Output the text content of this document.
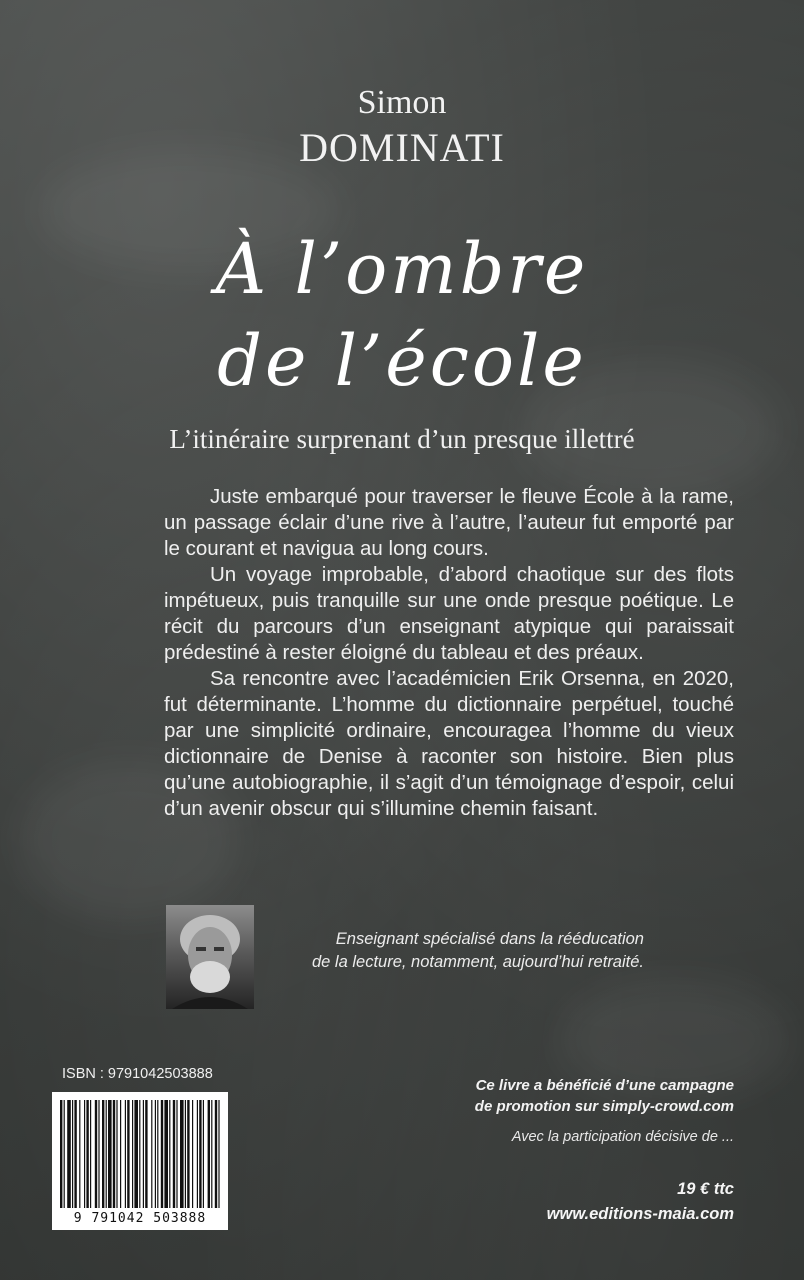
Simon
DOMINATI
À l’ombre
de l’école
L’itinéraire surprenant d’un presque illettré

Juste embarqué pour traverser le fleuve École à la rame, un passage éclair d’une rive à l’autre, l’auteur fut emporté par le courant et navigua au long cours.

Un voyage improbable, d’abord chaotique sur des flots impétueux, puis tranquille sur une onde presque poétique. Le récit du parcours d’un enseignant atypique qui paraissait prédestiné à rester éloigné du tableau et des préaux.

Sa rencontre avec l’académicien Erik Orsenna, en 2020, fut déterminante. L’homme du dictionnaire perpétuel, touché par une simplicité ordinaire, encouragea l’homme du vieux dictionnaire de Denise à raconter son histoire. Bien plus qu’une autobiographie, il s’agit d’un témoignage d’espoir, celui d’un avenir obscur qui s’illumine chemin faisant.

Enseignant spécialisé dans la rééducation
de la lecture, notamment, aujourd’hui retraité.
ISBN : 9791042503888
9 791042 503888
Ce livre a bénéficié d’une campagne
de promotion sur simply-crowd.com
Avec la participation décisive de ...
19 € ttc
www.editions-maia.com
